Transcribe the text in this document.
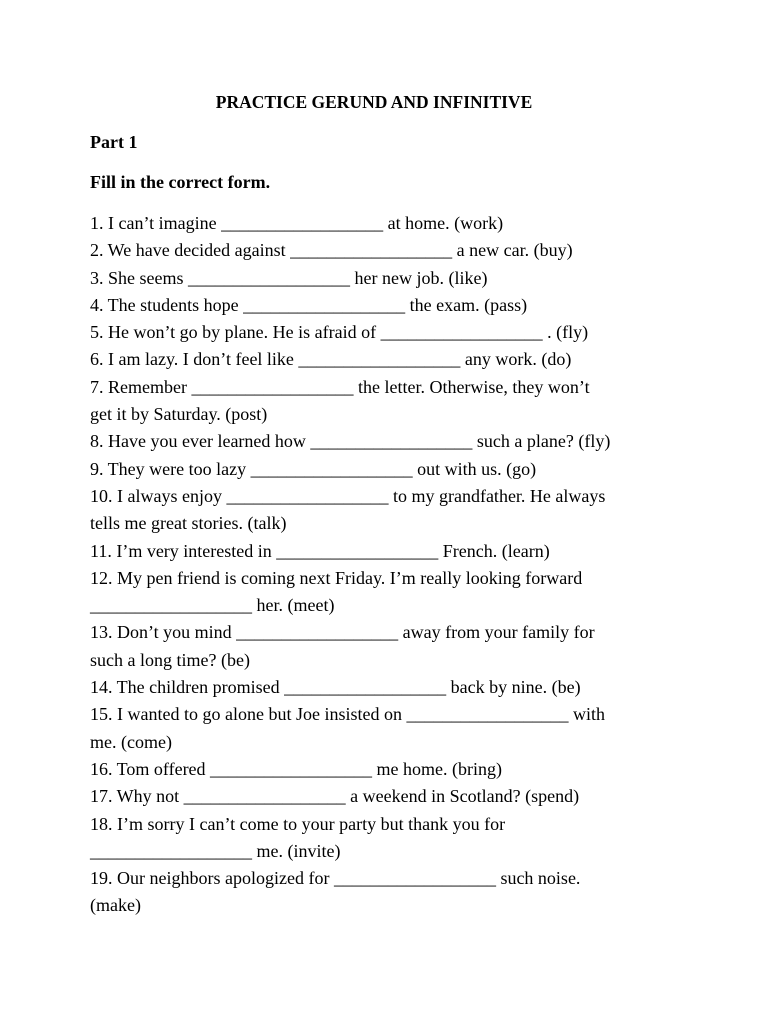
PRACTICE GERUND AND INFINITIVE
Part 1
Fill in the correct form.
1. I can’t imagine __________________ at home. (work)
2. We have decided against __________________ a new car. (buy)
3. She seems __________________ her new job. (like)
4. The students hope __________________ the exam. (pass)
5. He won’t go by plane. He is afraid of __________________ . (fly)
6. I am lazy. I don’t feel like __________________ any work. (do)
7. Remember __________________ the letter. Otherwise, they won’t
get it by Saturday. (post)
8. Have you ever learned how __________________ such a plane? (fly)
9. They were too lazy __________________ out with us. (go)
10. I always enjoy __________________ to my grandfather. He always
tells me great stories. (talk)
11. I’m very interested in __________________ French. (learn)
12. My pen friend is coming next Friday. I’m really looking forward
__________________ her. (meet)
13. Don’t you mind __________________ away from your family for
such a long time? (be)
14. The children promised __________________ back by nine. (be)
15. I wanted to go alone but Joe insisted on __________________ with
me. (come)
16. Tom offered __________________ me home. (bring)
17. Why not __________________ a weekend in Scotland? (spend)
18. I’m sorry I can’t come to your party but thank you for
__________________ me. (invite)
19. Our neighbors apologized for __________________ such noise.
(make)
